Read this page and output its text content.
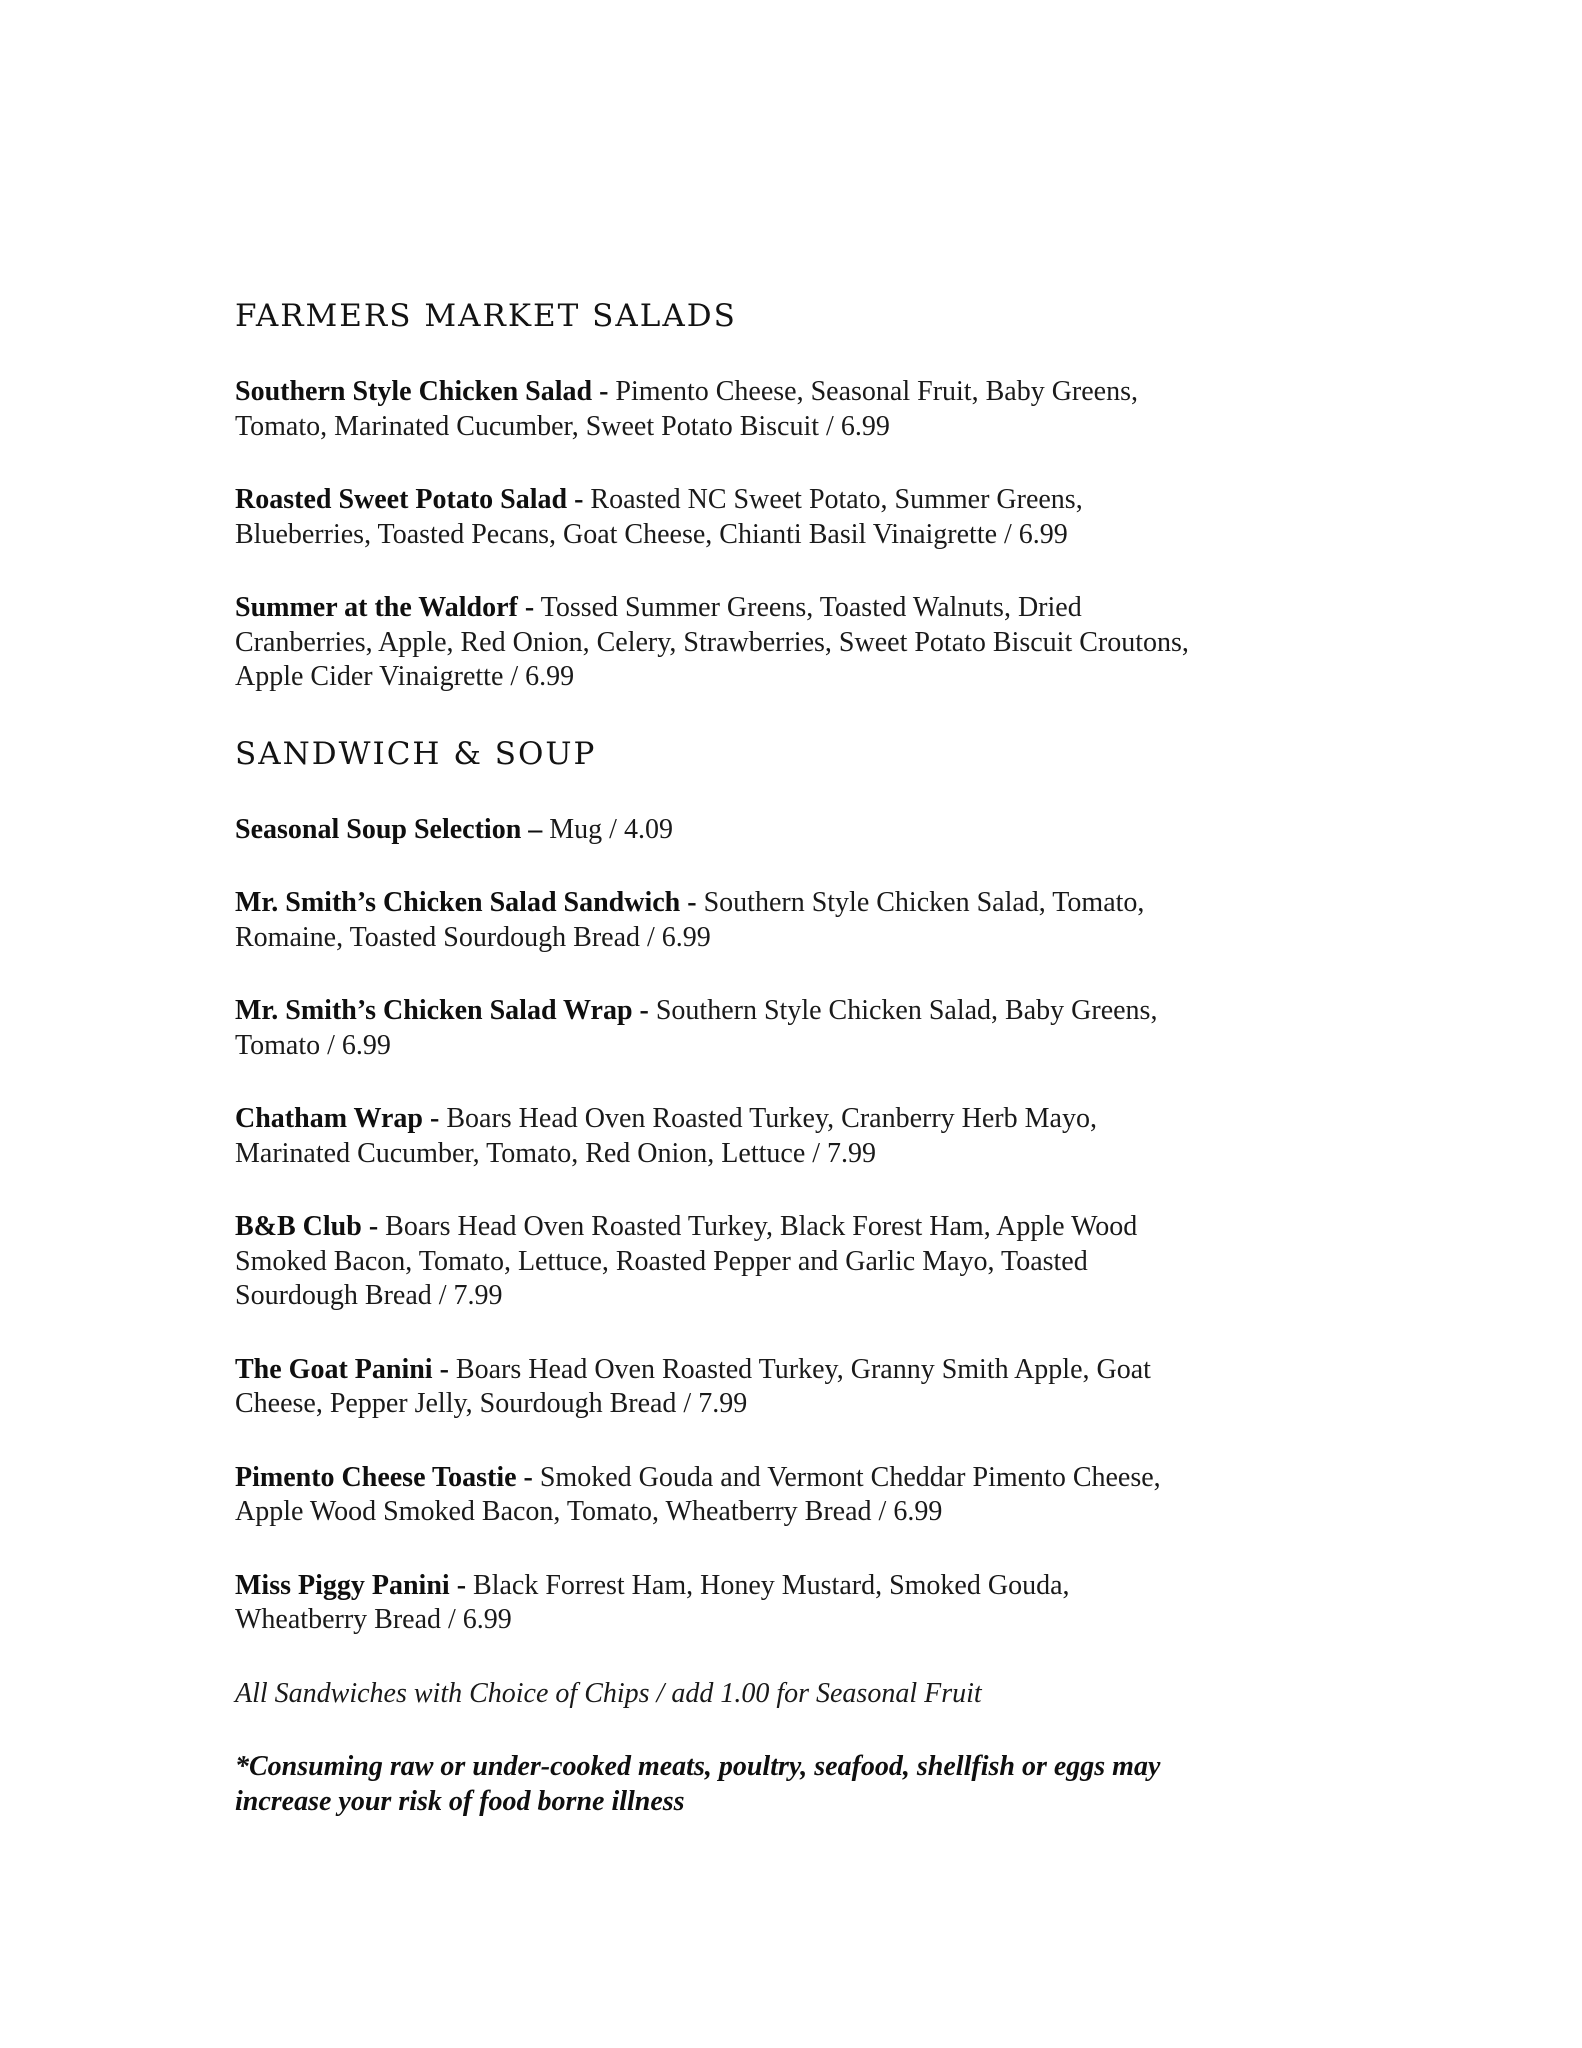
FARMERS MARKET SALADS

Southern Style Chicken Salad - Pimento Cheese, Seasonal Fruit, Baby Greens,
Tomato, Marinated Cucumber, Sweet Potato Biscuit / 6.99

Roasted Sweet Potato Salad - Roasted NC Sweet Potato, Summer Greens,
Blueberries, Toasted Pecans, Goat Cheese, Chianti Basil Vinaigrette / 6.99

Summer at the Waldorf - Tossed Summer Greens, Toasted Walnuts, Dried
Cranberries, Apple, Red Onion, Celery, Strawberries, Sweet Potato Biscuit Croutons,
Apple Cider Vinaigrette / 6.99

SANDWICH & SOUP

Seasonal Soup Selection – Mug / 4.09

Mr. Smith’s Chicken Salad Sandwich - Southern Style Chicken Salad, Tomato,
Romaine, Toasted Sourdough Bread / 6.99

Mr. Smith’s Chicken Salad Wrap - Southern Style Chicken Salad, Baby Greens,
Tomato / 6.99

Chatham Wrap - Boars Head Oven Roasted Turkey, Cranberry Herb Mayo,
Marinated Cucumber, Tomato, Red Onion, Lettuce / 7.99

B&B Club - Boars Head Oven Roasted Turkey, Black Forest Ham, Apple Wood
Smoked Bacon, Tomato, Lettuce, Roasted Pepper and Garlic Mayo, Toasted
Sourdough Bread / 7.99

The Goat Panini - Boars Head Oven Roasted Turkey, Granny Smith Apple, Goat
Cheese, Pepper Jelly, Sourdough Bread / 7.99

Pimento Cheese Toastie - Smoked Gouda and Vermont Cheddar Pimento Cheese,
Apple Wood Smoked Bacon, Tomato, Wheatberry Bread / 6.99

Miss Piggy Panini - Black Forrest Ham, Honey Mustard, Smoked Gouda,
Wheatberry Bread / 6.99

All Sandwiches with Choice of Chips / add 1.00 for Seasonal Fruit

*Consuming raw or under-cooked meats, poultry, seafood, shellfish or eggs may
increase your risk of food borne illness
